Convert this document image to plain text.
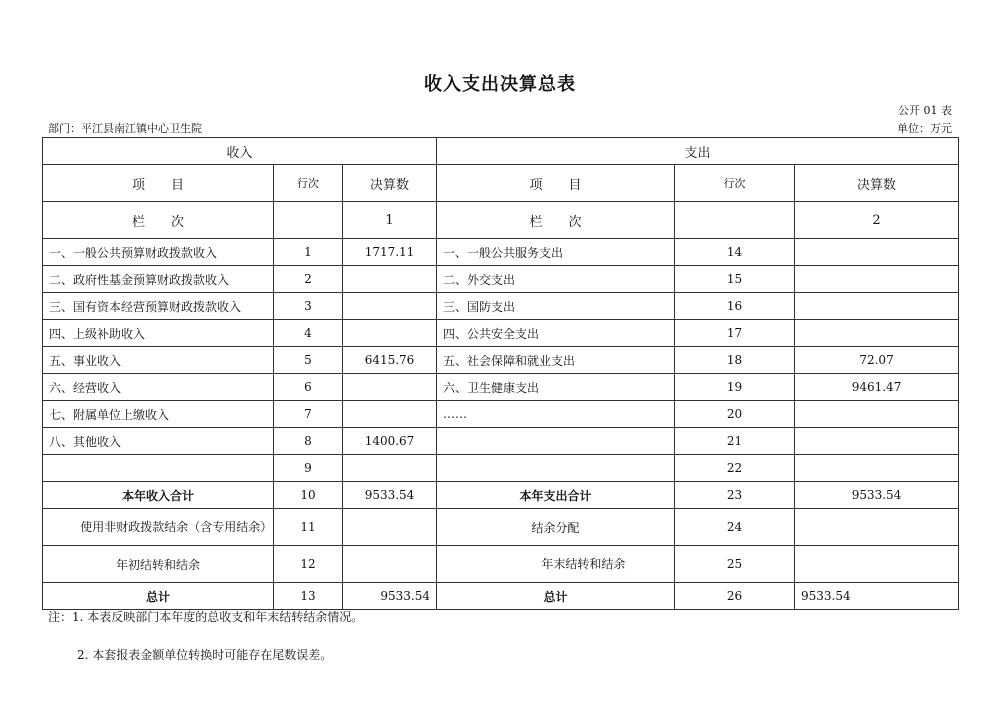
收入支出决算总表
公开 01 表
部门：平江县南江镇中心卫生院	单位：万元
收入			支出		
项　　目	行次	决算数	项　　目	行次	决算数
栏　　次		1	栏　　次		2
一、一般公共预算财政拨款收入	1	1717.11	一、一般公共服务支出	14	
二、政府性基金预算财政拨款收入	2		二、外交支出	15	
三、国有资本经营预算财政拨款收入	3		三、国防支出	16	
四、上级补助收入	4		四、公共安全支出	17	
五、事业收入	5	6415.76	五、社会保障和就业支出	18	72.07
六、经营收入	6		六、卫生健康支出	19	9461.47
七、附属单位上缴收入	7		……	20	
八、其他收入	8	1400.67		21	
	9			22	
本年收入合计	10	9533.54	本年支出合计	23	9533.54

使用非财政拨款结余（含专用结余）	11		结余分配	24	
年初结转和结余	12		年末结转和结余	25	
总计	13	9533.54	总计	26	9533.54
注：1. 本表反映部门本年度的总收支和年末结转结余情况。
2. 本套报表金额单位转换时可能存在尾数误差。
